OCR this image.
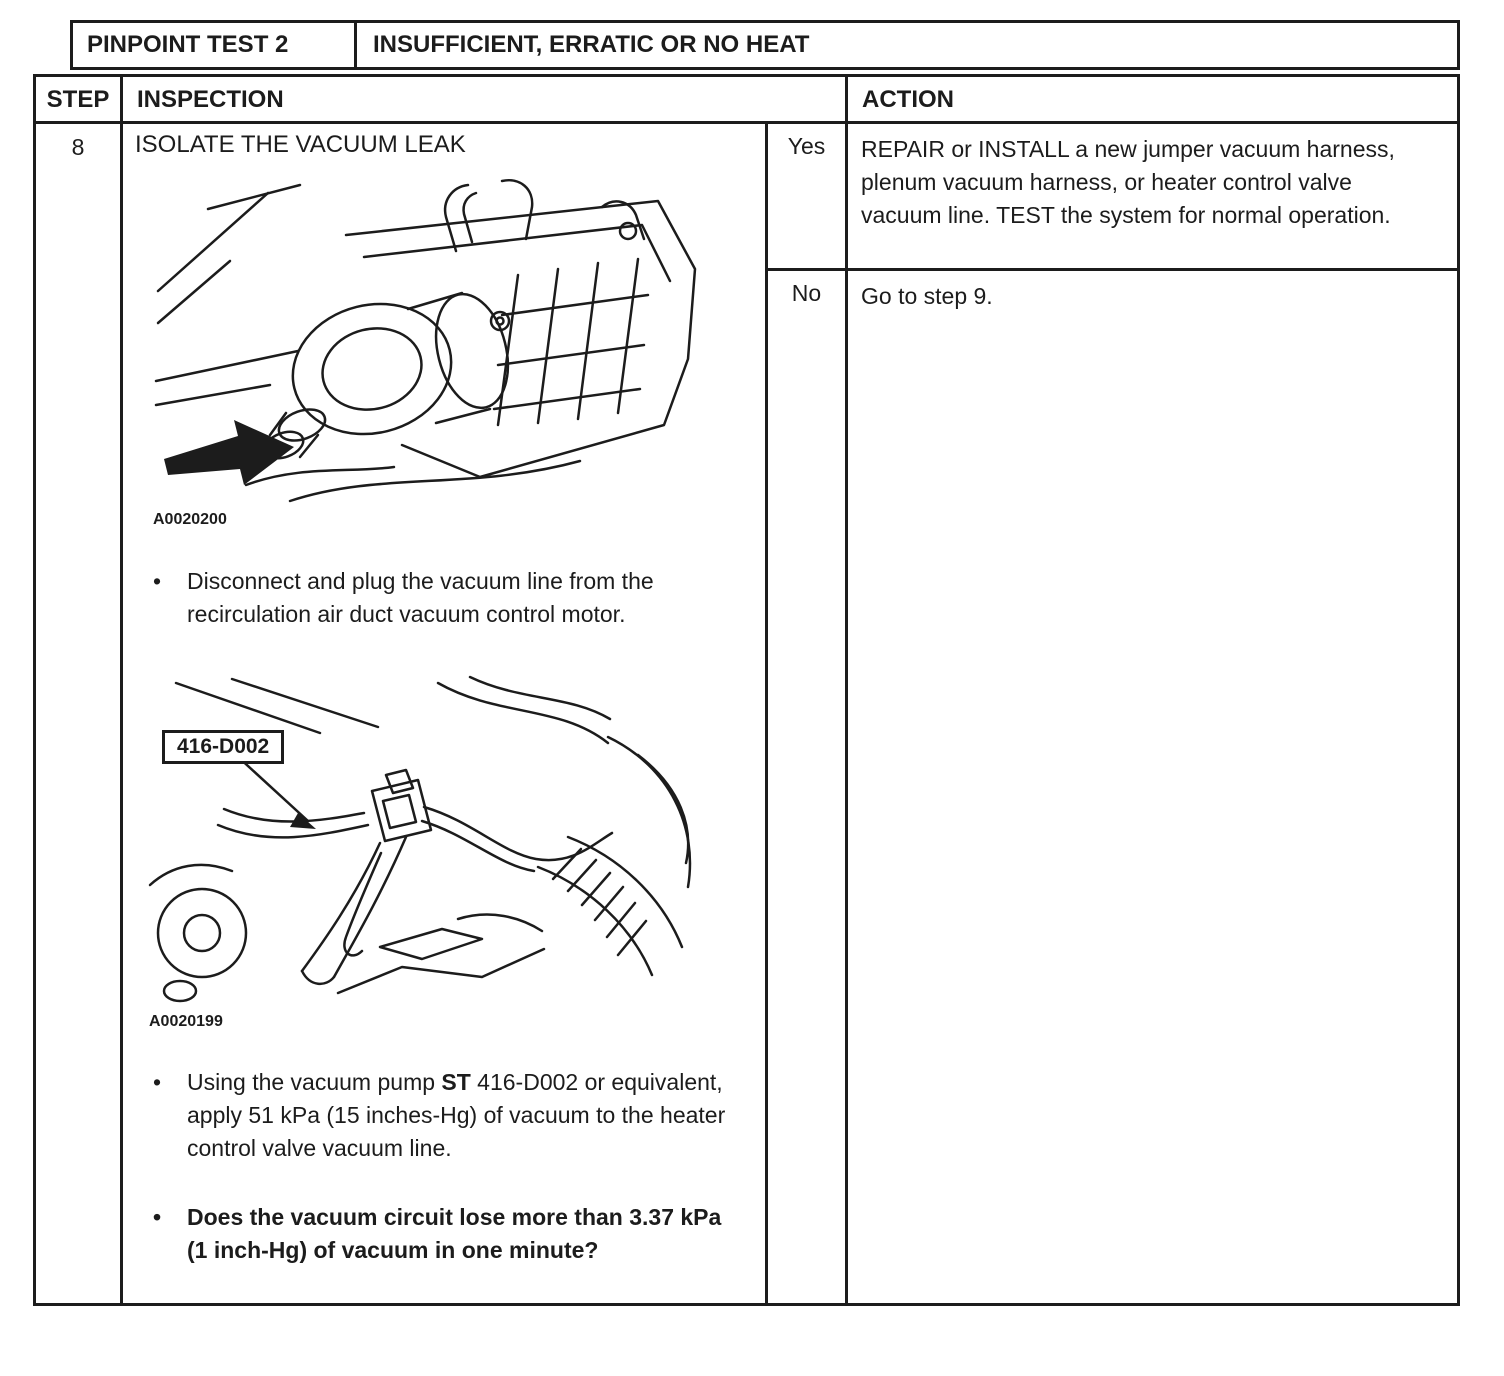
PINPOINT TEST 2	INSUFFICIENT, ERRATIC OR NO HEAT
STEP	INSPECTION	ACTION
8	ISOLATE THE VACUUM LEAK
A0020200
•
Disconnect and plug the vacuum line from the recirculation air duct vacuum control motor.
416-D002
A0020199
•
Using the vacuum pump ST 416-D002 or equivalent, apply 51 kPa (15 inches-Hg) of vacuum to the heater control valve vacuum line.
•
Does the vacuum circuit lose more than 3.37 kPa (1 inch-Hg) of vacuum in one minute?
Yes	REPAIR or INSTALL a new jumper vacuum harness, plenum vacuum harness, or heater control valve vacuum line. TEST the system for normal operation.
No	Go to step 9.
